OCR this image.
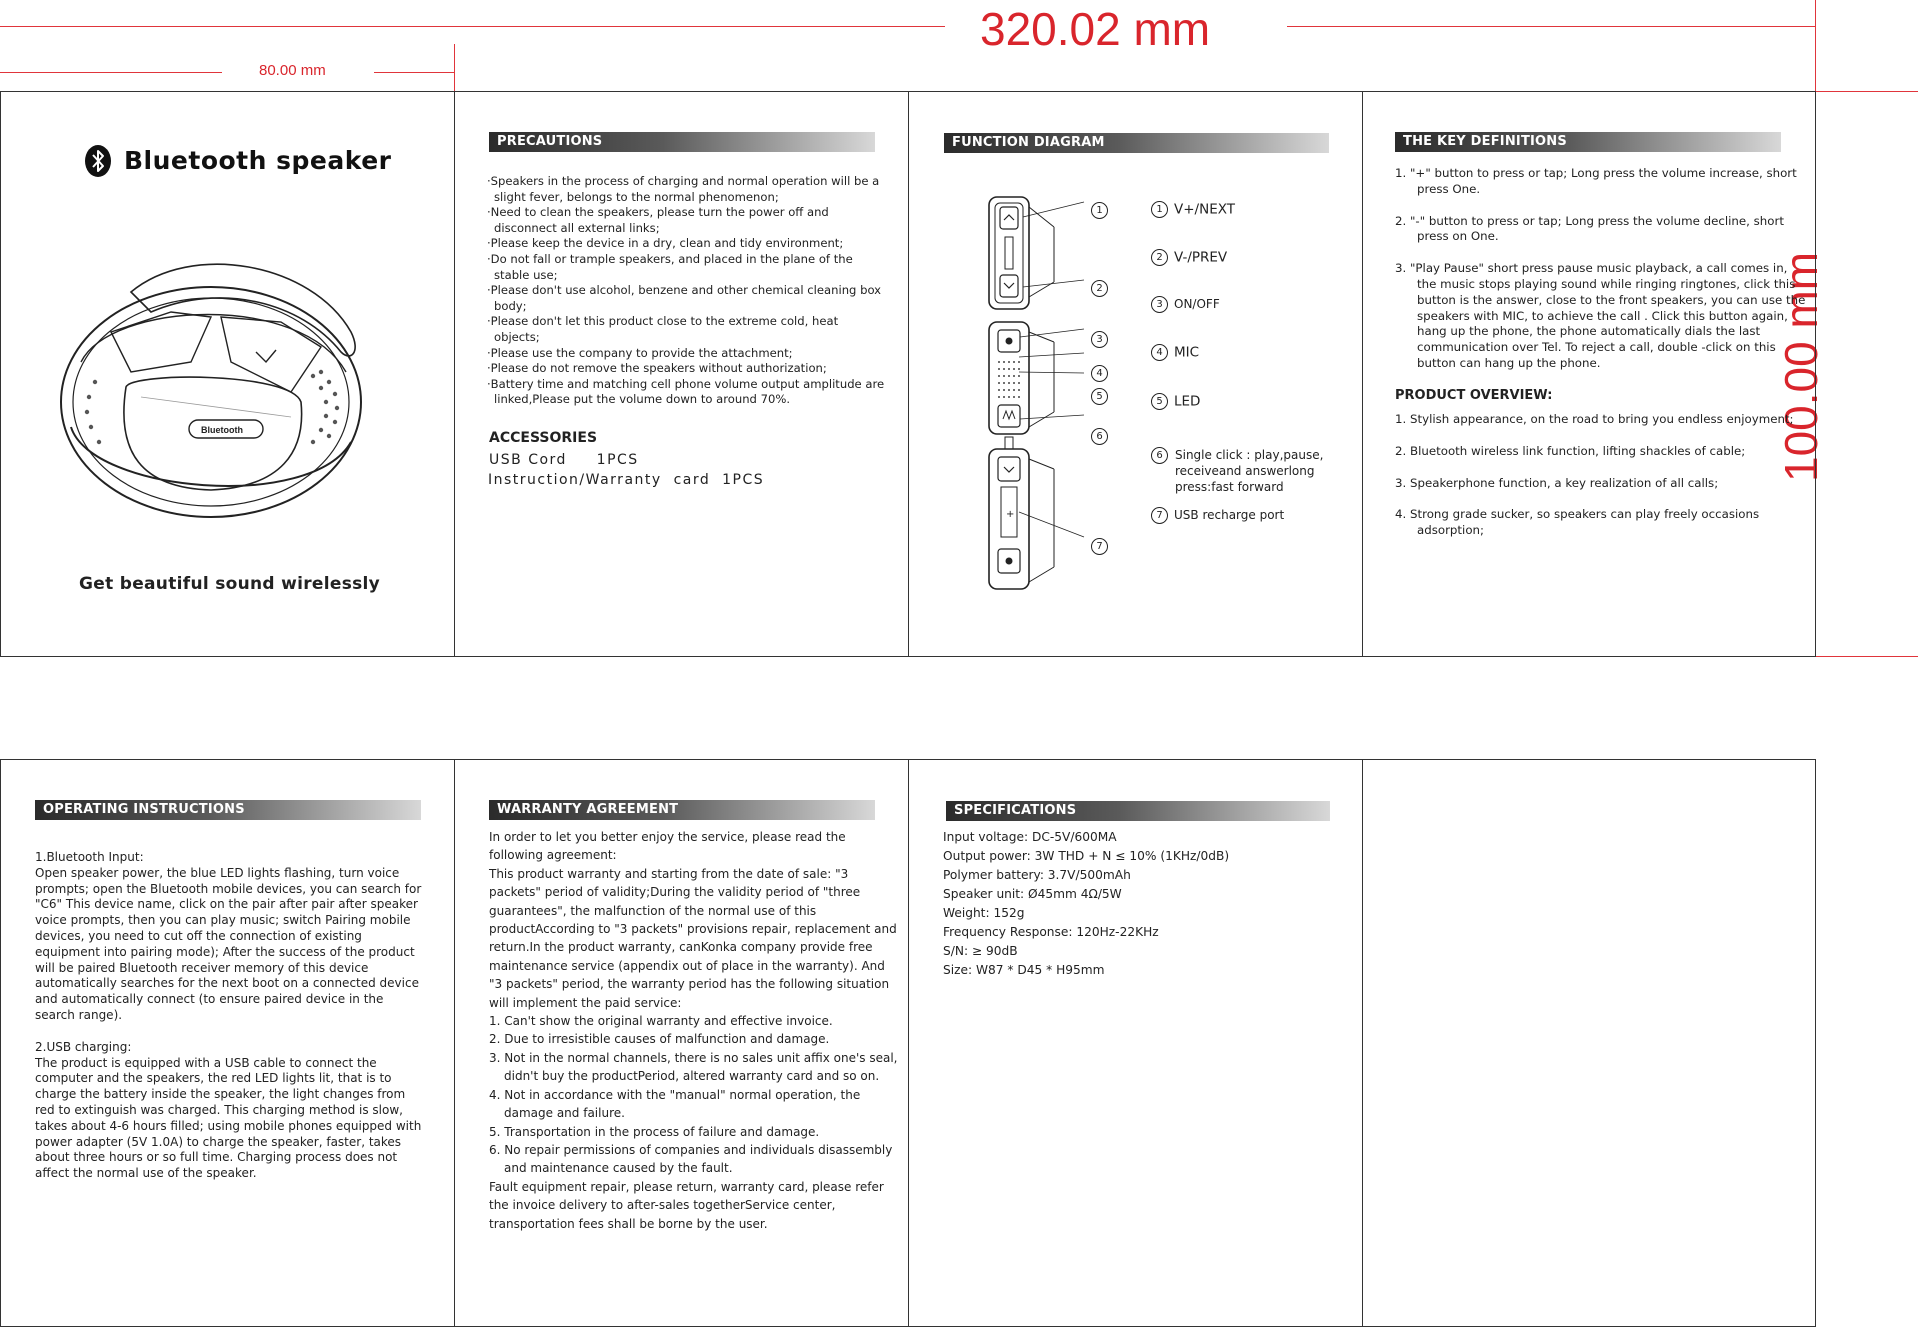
320.02 mm
80.00 mm
100.00 mm
Bluetooth speaker
Bluetooth
Get beautiful sound wirelessly
PRECAUTIONS

·Speakers in the process of charging and normal operation will be a slight fever, belongs to the normal phenomenon;

·Need to clean the speakers, please turn the power off and disconnect all external links;

·Please keep the device in a dry, clean and tidy environment;

·Do not fall or trample speakers, and placed in the plane of the stable use;

·Please don't use alcohol, benzene and other chemical cleaning box body;

·Please don't let this product close to the extreme cold, heat objects;

·Please use the company to provide the attachment;

·Please do not remove the speakers without authorization;

·Battery time and matching cell phone volume output amplitude are linked,Please put the volume down to around 70%.

ACCESSORIES
USB Cord     1PCS
Instruction/Warranty  card  1PCS
FUNCTION DIAGRAM
+
1
2
3
4
5
6
7
1 V+/NEXT
2 V-/PREV
3 ON/OFF
4 MIC
5 LED
6	Single click : play,pause, receiveand answerlong press:fast forward
7 USB recharge port
THE KEY DEFINITIONS

1. "+" button to press or tap; Long press the volume increase, short press One.

2. "-" button to press or tap; Long press the volume decline, short press on One.

3. "Play Pause" short press pause music playback, a call comes in, the music stops playing sound while ringing ringtones, click this button is the answer, close to the front speakers, you can use the speakers with MIC, to achieve the call . Click this button again, hang up the phone, the phone automatically dials the last communication over Tel. To reject a call, double -click on this button can hang up the phone.

PRODUCT OVERVIEW:

1. Stylish appearance, on the road to bring you endless enjoyment;

2. Bluetooth wireless link function, lifting shackles of cable;

3. Speakerphone function, a key realization of all calls;

4. Strong grade sucker, so speakers can play freely occasions adsorption;

OPERATING INSTRUCTIONS

1.Bluetooth Input:

Open speaker power, the blue LED lights flashing, turn voice prompts; open the Bluetooth mobile devices, you can search for "C6" This device name, click on the pair after pair after speaker voice prompts, then you can play music; switch Pairing mobile devices, you need to cut off the connection of existing equipment into pairing mode); After the success of the product will be paired Bluetooth receiver memory of this device automatically searches for the next boot on a connected device and automatically connect (to ensure paired device in the search range).

2.USB charging:

The product is equipped with a USB cable to connect the computer and the speakers, the red LED lights lit, that is to charge the battery inside the speaker, the light changes from red to extinguish was charged. This charging method is slow, takes about 4-6 hours filled; using mobile phones equipped with power adapter (5V 1.0A) to charge the speaker, faster, takes about three hours or so full time. Charging process does not affect the normal use of the speaker.

WARRANTY AGREEMENT

In order to let you better enjoy the service, please read the following agreement:

This product warranty and starting from the date of sale: "3 packets" period of validity;During the validity period of "three guarantees", the malfunction of the normal use of this productAccording to "3 packets" provisions repair, replacement and return.In the product warranty, canKonka company provide free maintenance service (appendix out of place in the warranty). And "3 packets" period, the warranty period has the following situation will implement the paid service:

1. Can't show the original warranty and effective invoice.

2. Due to irresistible causes of malfunction and damage.

3. Not in the normal channels, there is no sales unit affix one's seal, didn't buy the productPeriod, altered warranty card and so on.

4. Not in accordance with the "manual" normal operation, the damage and failure.

5. Transportation in the process of failure and damage.

6. No repair permissions of companies and individuals disassembly and maintenance caused by the fault.

Fault equipment repair, please return, warranty card, please refer the invoice delivery to after-sales togetherService center, transportation fees shall be borne by the user.

SPECIFICATIONS

Input voltage: DC-5V/600MA

Output power: 3W THD + N ≤ 10% (1KHz/0dB)

Polymer battery: 3.7V/500mAh

Speaker unit: Ø45mm 4Ω/5W

Weight: 152g

Frequency Response: 120Hz-22KHz

S/N: ≥ 90dB

Size: W87 * D45 * H95mm
